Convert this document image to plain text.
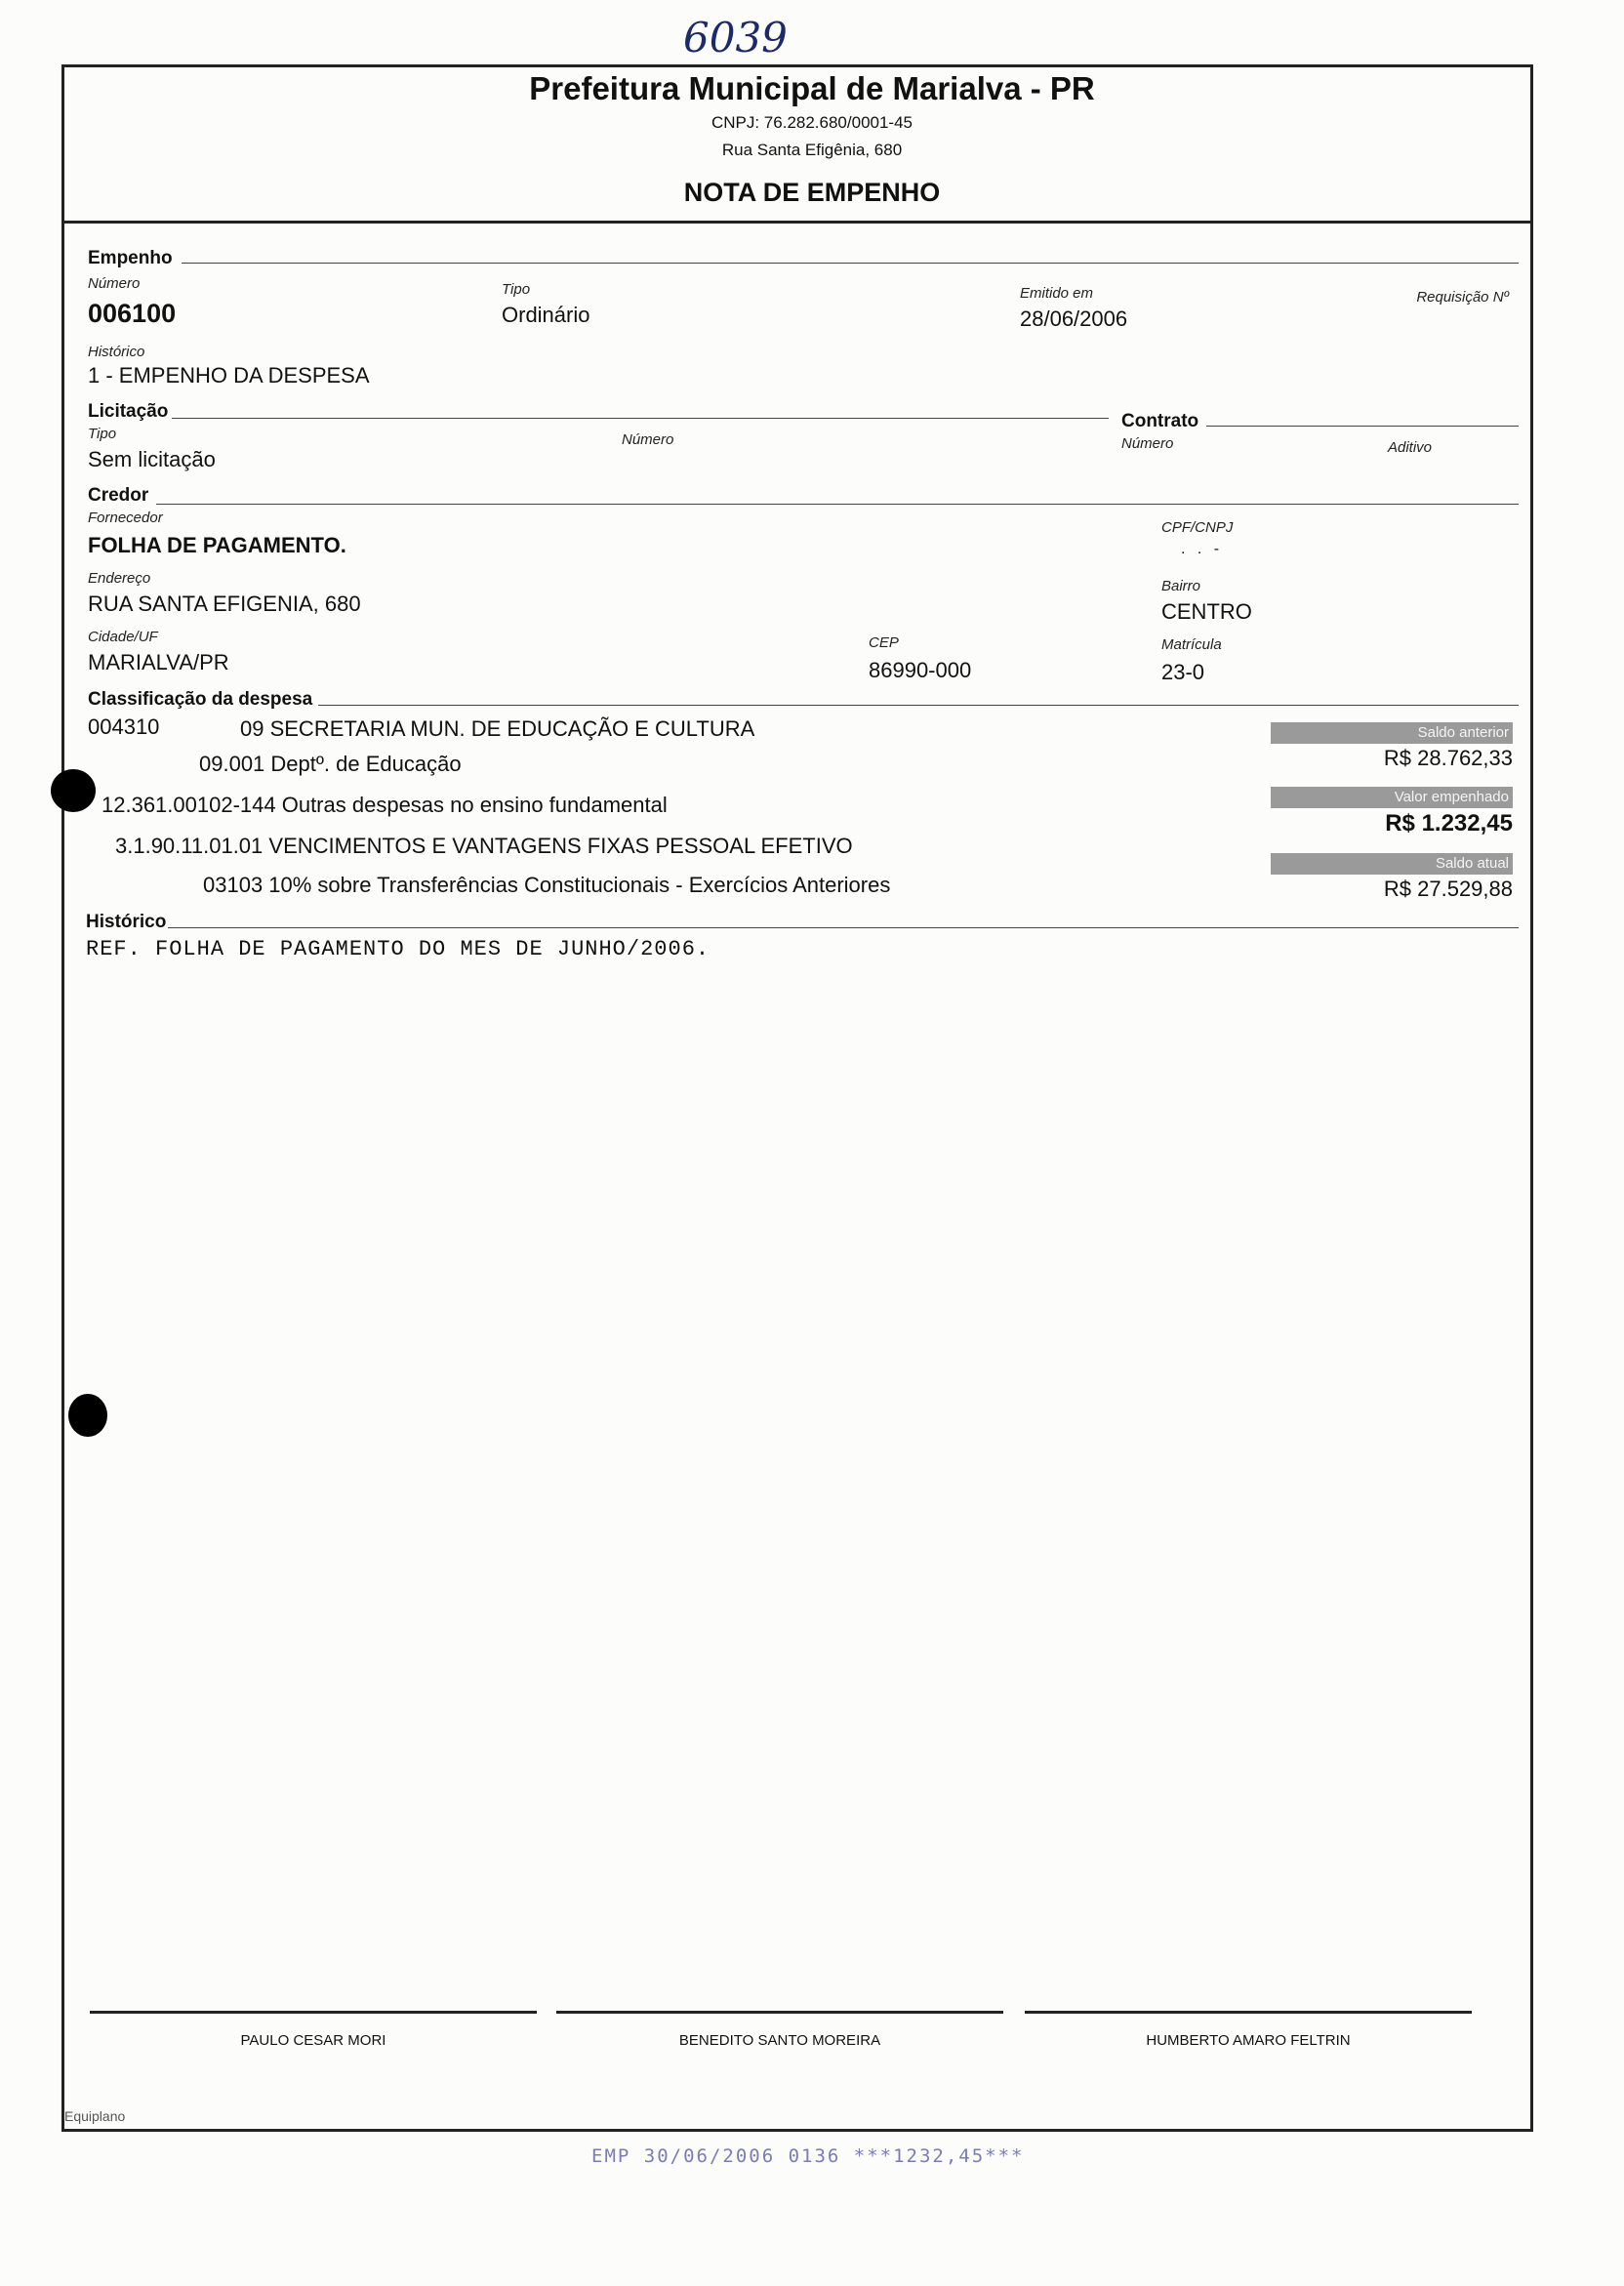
6039
Prefeitura Municipal de Marialva - PR
CNPJ: 76.282.680/0001-45
Rua Santa Efigênia, 680
NOTA DE EMPENHO
Empenho
Número
006100
Tipo
Ordinário
Emitido em
28/06/2006
Requisição Nº
Histórico
1 - EMPENHO DA DESPESA
Licitação
Tipo
Sem licitação
Número
Contrato
Número	Aditivo
Credor
Fornecedor
FOLHA DE PAGAMENTO.
CPF/CNPJ
. . -
Endereço
RUA SANTA EFIGENIA, 680
Bairro
CENTRO
Cidade/UF
MARIALVA/PR
CEP
86990-000
Matrícula
23-0
Classificação da despesa
004310	09 SECRETARIA MUN. DE EDUCAÇÃO E CULTURA
09.001 Deptº. de Educação
12.361.00102-144 Outras despesas no ensino fundamental
3.1.90.11.01.01 VENCIMENTOS E VANTAGENS FIXAS PESSOAL EFETIVO
03103 10% sobre Transferências Constitucionais - Exercícios Anteriores
Saldo anterior
R$ 28.762,33
Valor empenhado
R$ 1.232,45
Saldo atual
R$ 27.529,88
Histórico
REF. FOLHA DE PAGAMENTO DO MES DE JUNHO/2006.
PAULO CESAR MORI	BENEDITO SANTO MOREIRA	HUMBERTO AMARO FELTRIN
Equiplano
EMP 30/06/2006 0136 ***1232,45***
